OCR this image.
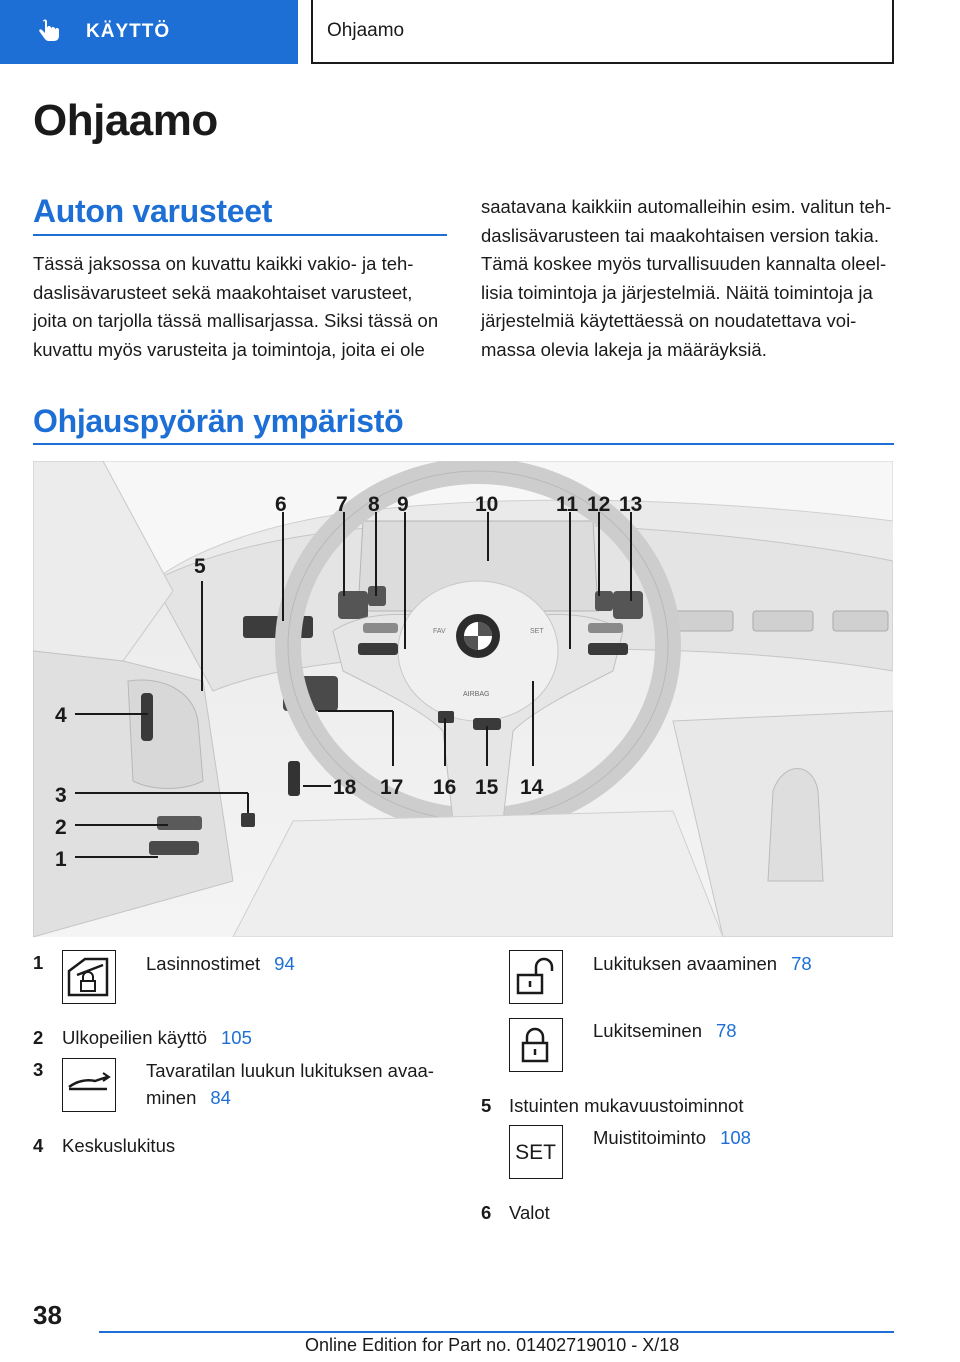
KÄYTTÖ	Ohjaamo
Ohjaamo
Auton varusteet
Tässä jaksossa on kuvattu kaikki vakio- ja teh-
daslisävarusteet sekä maakohtaiset varusteet,
joita on tarjolla tässä mallisarjassa. Siksi tässä on
kuvattu myös varusteita ja toimintoja, joita ei ole
saatavana kaikkiin automalleihin esim. valitun teh-
daslisävarusteen tai maakohtaisen version takia.
Tämä koskee myös turvallisuuden kannalta oleel-
lisia toimintoja ja järjestelmiä. Näitä toimintoja ja
järjestelmiä käytettäessä on noudatettava voi-
massa olevia lakeja ja määräyksiä.
Ohjauspyörän ympäristö
FAV	SET
AIRBAG
6 7 8 9	10	11 12 13
5
4
3
2
1
18 17 16 15 14
1	Lasinnostimet 94
2 Ulkopeilien käyttö 105
3	Tavaratilan luukun lukituksen avaa-
minen 84
4 Keskuslukitus
Lukituksen avaaminen 78
Lukitseminen 78
5 Istuinten mukavuustoiminnot
SET
Muistitoiminto 108
6 Valot
38
Online Edition for Part no. 01402719010 - X/18
